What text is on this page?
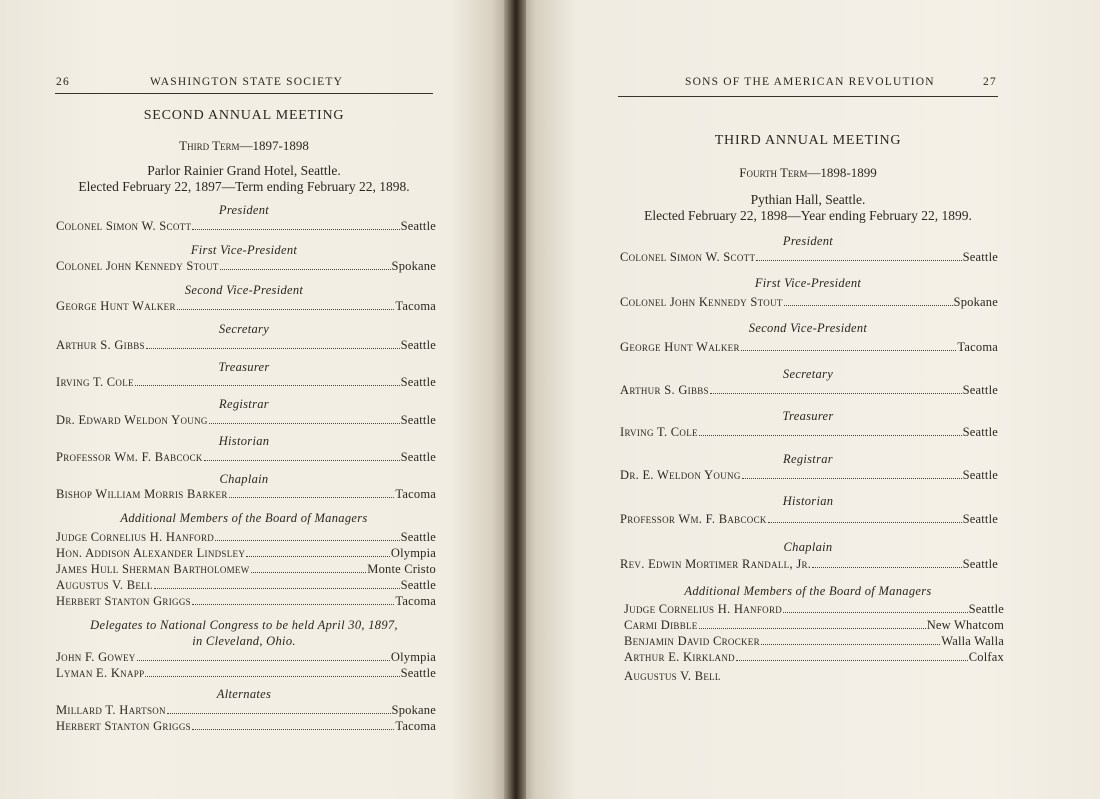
26	WASHINGTON STATE SOCIETY
SECOND ANNUAL MEETING
Third Term—1897-1898
Parlor Rainier Grand Hotel, Seattle.
Elected February 22, 1897—Term ending February 22, 1898.
President
Colonel Simon W. Scott	Seattle
First Vice-President
Colonel John Kennedy Stout	Spokane
Second Vice-President
George Hunt Walker	Tacoma
Secretary
Arthur S. Gibbs	Seattle
Treasurer
Irving T. Cole	Seattle
Registrar
Dr. Edward Weldon Young	Seattle
Historian
Professor Wm. F. Babcock	Seattle
Chaplain
Bishop William Morris Barker	Tacoma
Additional Members of the Board of Managers
Judge Cornelius H. Hanford	Seattle
Hon. Addison Alexander Lindsley	Olympia
James Hull Sherman Bartholomew	Monte Cristo
Augustus V. Bell	Seattle
Herbert Stanton Griggs	Tacoma
Delegates to National Congress to be held April 30, 1897,
in Cleveland, Ohio.
John F. Gowey	Olympia
Lyman E. Knapp	Seattle
Alternates
Millard T. Hartson	Spokane
Herbert Stanton Griggs	Tacoma
SONS OF THE AMERICAN REVOLUTION	27
THIRD ANNUAL MEETING
Fourth Term—1898-1899
Pythian Hall, Seattle.
Elected February 22, 1898—Year ending February 22, 1899.
President
Colonel Simon W. Scott	Seattle
First Vice-President
Colonel John Kennedy Stout	Spokane
Second Vice-President
George Hunt Walker	Tacoma
Secretary
Arthur S. Gibbs	Seattle
Treasurer
Irving T. Cole	Seattle
Registrar
Dr. E. Weldon Young	Seattle
Historian
Professor Wm. F. Babcock	Seattle
Chaplain
Rev. Edwin Mortimer Randall, Jr.	Seattle
Additional Members of the Board of Managers
Judge Cornelius H. Hanford	Seattle
Carmi Dibble	New Whatcom
Benjamin David Crocker	Walla Walla
Arthur E. Kirkland	Colfax
Augustus V. Bell
